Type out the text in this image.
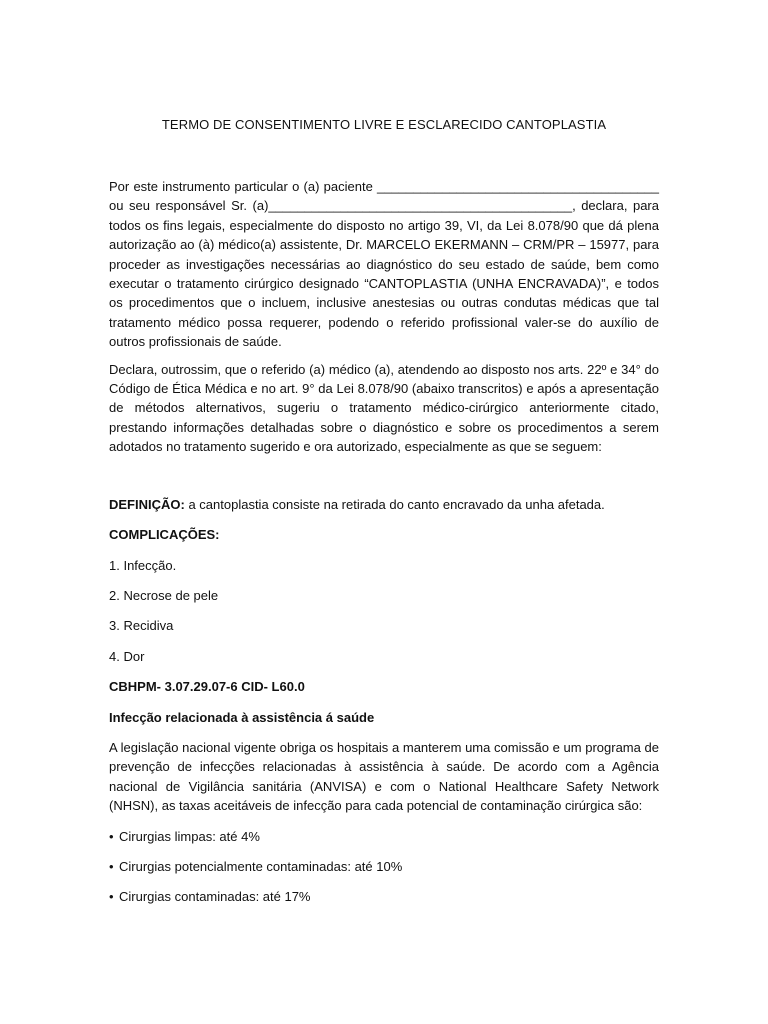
TERMO DE CONSENTIMENTO LIVRE E ESCLARECIDO CANTOPLASTIA

Por este instrumento particular o (a) paciente _______________________________________ ou seu responsável Sr. (a)__________________________________________, declara, para todos os fins legais, especialmente do disposto no artigo 39, VI, da Lei 8.078/90 que dá plena autorização ao (à) médico(a) assistente, Dr. MARCELO EKERMANN – CRM/PR – 15977, para proceder as investigações necessárias ao diagnóstico do seu estado de saúde, bem como executar o tratamento cirúrgico designado “CANTOPLASTIA (UNHA ENCRAVADA)”, e todos os procedimentos que o incluem, inclusive anestesias ou outras condutas médicas que tal tratamento médico possa requerer, podendo o referido profissional valer-se do auxílio de outros profissionais de saúde.

Declara, outrossim, que o referido (a) médico (a), atendendo ao disposto nos arts. 22º e 34° do Código de Ética Médica e no art. 9° da Lei 8.078/90 (abaixo transcritos) e após a apresentação de métodos alternativos, sugeriu o tratamento médico-cirúrgico anteriormente citado, prestando informações detalhadas sobre o diagnóstico e sobre os procedimentos a serem adotados no tratamento sugerido e ora autorizado, especialmente as que se seguem:

DEFINIÇÃO: a cantoplastia consiste na retirada do canto encravado da unha afetada.

COMPLICAÇÕES:

1. Infecção.

2. Necrose de pele

3. Recidiva

4. Dor

CBHPM- 3.07.29.07-6 CID- L60.0

Infecção relacionada à assistência á saúde

A legislação nacional vigente obriga os hospitais a manterem uma comissão e um programa de prevenção de infecções relacionadas à assistência à saúde. De acordo com a Agência nacional de Vigilância sanitária (ANVISA) e com o National Healthcare Safety Network (NHSN), as taxas aceitáveis de infecção para cada potencial de contaminação cirúrgica são:

• Cirurgias limpas: até 4%

• Cirurgias potencialmente contaminadas: até 10%

• Cirurgias contaminadas: até 17%
